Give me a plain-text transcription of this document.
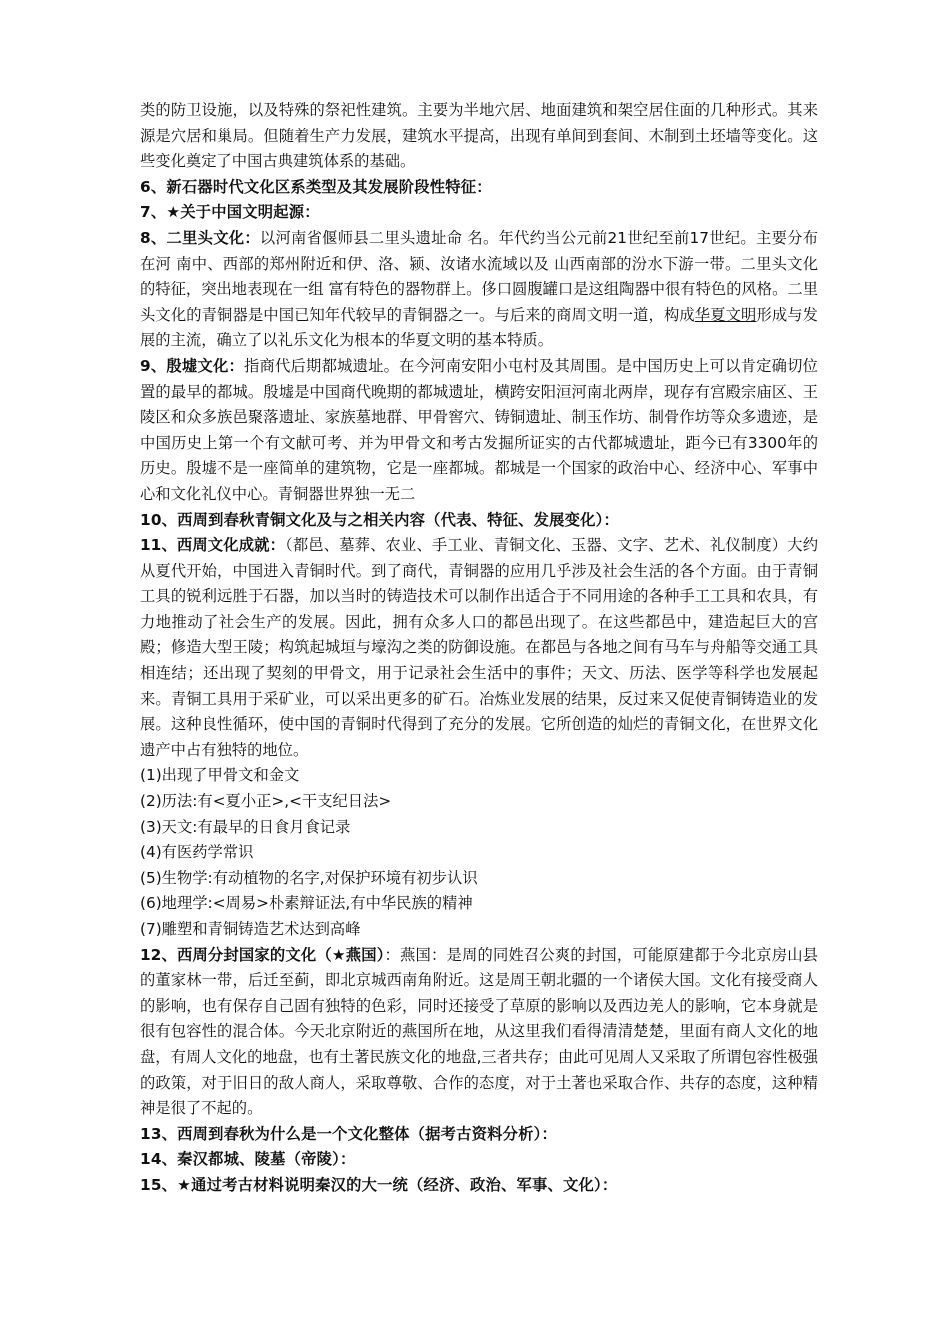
类的防卫设施，以及特殊的祭祀性建筑。主要为半地穴居、地面建筑和架空居住面的几种形式。其来源是穴居和巢局。但随着生产力发展，建筑水平提高，出现有单间到套间、木制到土坯墙等变化。这些变化奠定了中国古典建筑体系的基础。

6、新石器时代文化区系类型及其发展阶段性特征：

7、★关于中国文明起源：

8、二里头文化：以河南省偃师县二里头遗址命 名。年代约当公元前21世纪至前17世纪。主要分布在河 南中、西部的郑州附近和伊、洛、颍、汝诸水流域以及 山西南部的汾水下游一带。二里头文化的特征，突出地表现在一组 富有特色的器物群上。侈口圆腹罐口是这组陶器中很有特色的风格。二里头文化的青铜器是中国已知年代较早的青铜器之一。与后来的商周文明一道，构成华夏文明形成与发展的主流，确立了以礼乐文化为根本的华夏文明的基本特质。

9、殷墟文化：指商代后期都城遗址。在今河南安阳小屯村及其周围。是中国历史上可以肯定确切位置的最早的都城。殷墟是中国商代晚期的都城遗址，横跨安阳洹河南北两岸，现存有宫殿宗庙区、王陵区和众多族邑聚落遗址、家族墓地群、甲骨窖穴、铸铜遗址、制玉作坊、制骨作坊等众多遗迹，是中国历史上第一个有文献可考、并为甲骨文和考古发掘所证实的古代都城遗址，距今已有3300年的历史。殷墟不是一座简单的建筑物，它是一座都城。都城是一个国家的政治中心、经济中心、军事中心和文化礼仪中心。青铜器世界独一无二

10、西周到春秋青铜文化及与之相关内容（代表、特征、发展变化）：

11、西周文化成就：（都邑、墓葬、农业、手工业、青铜文化、玉器、文字、艺术、礼仪制度）大约从夏代开始，中国进入青铜时代。到了商代，青铜器的应用几乎涉及社会生活的各个方面。由于青铜工具的锐利远胜于石器，加以当时的铸造技术可以制作出适合于不同用途的各种手工工具和农具，有力地推动了社会生产的发展。因此，拥有众多人口的都邑出现了。在这些都邑中，建造起巨大的宫殿；修造大型王陵；构筑起城垣与壕沟之类的防御设施。在都邑与各地之间有马车与舟船等交通工具相连结；还出现了契刻的甲骨文，用于记录社会生活中的事件；天文、历法、医学等科学也发展起来。青铜工具用于采矿业，可以采出更多的矿石。冶炼业发展的结果，反过来又促使青铜铸造业的发展。这种良性循环，使中国的青铜时代得到了充分的发展。它所创造的灿烂的青铜文化，在世界文化遗产中占有独特的地位。

(1)出现了甲骨文和金文

(2)历法:有<夏小正>,<干支纪日法>

(3)天文:有最早的日食月食记录

(4)有医药学常识

(5)生物学:有动植物的名字,对保护环境有初步认识

(6)地理学:<周易>朴素辩证法,有中华民族的精神

(7)雕塑和青铜铸造艺术达到高峰

12、西周分封国家的文化（★燕国）：燕国：是周的同姓召公爽的封国，可能原建都于今北京房山县的董家林一带，后迁至蓟，即北京城西南角附近。这是周王朝北疆的一个诸侯大国。文化有接受商人的影响，也有保存自己固有独特的色彩，同时还接受了草原的影响以及西边羌人的影响，它本身就是很有包容性的混合体。今天北京附近的燕国所在地，从这里我们看得清清楚楚，里面有商人文化的地盘，有周人文化的地盘，也有土著民族文化的地盘,三者共存；由此可见周人又采取了所谓包容性极强的政策，对于旧日的敌人商人，采取尊敬、合作的态度，对于土著也采取合作、共存的态度，这种精神是很了不起的。

13、西周到春秋为什么是一个文化整体（据考古资料分析）：

14、秦汉都城、陵墓（帝陵）：

15、★通过考古材料说明秦汉的大一统（经济、政治、军事、文化）：
